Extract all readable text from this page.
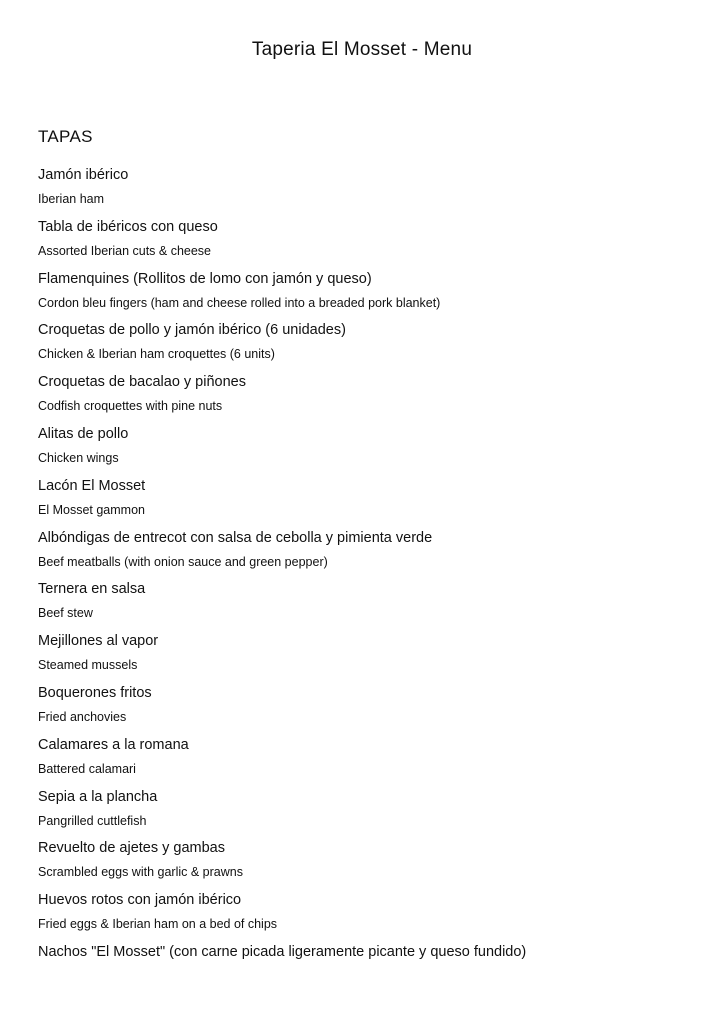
Taperia El Mosset - Menu
TAPAS
Jamón ibérico
Iberian ham
Tabla de ibéricos con queso
Assorted Iberian cuts & cheese
Flamenquines (Rollitos de lomo con jamón y queso)
Cordon bleu fingers (ham and cheese rolled into a breaded pork blanket)
Croquetas de pollo y jamón ibérico (6 unidades)
Chicken & Iberian ham croquettes (6 units)
Croquetas de bacalao y piñones
Codfish croquettes with pine nuts
Alitas de pollo
Chicken wings
Lacón El Mosset
El Mosset gammon
Albóndigas de entrecot con salsa de cebolla y pimienta verde
Beef meatballs (with onion sauce and green pepper)
Ternera en salsa
Beef stew
Mejillones al vapor
Steamed mussels
Boquerones fritos
Fried anchovies
Calamares a la romana
Battered calamari
Sepia a la plancha
Pangrilled cuttlefish
Revuelto de ajetes y gambas
Scrambled eggs with garlic & prawns
Huevos rotos con jamón ibérico
Fried eggs & Iberian ham on a bed of chips
Nachos "El Mosset" (con carne picada ligeramente picante y queso fundido)
